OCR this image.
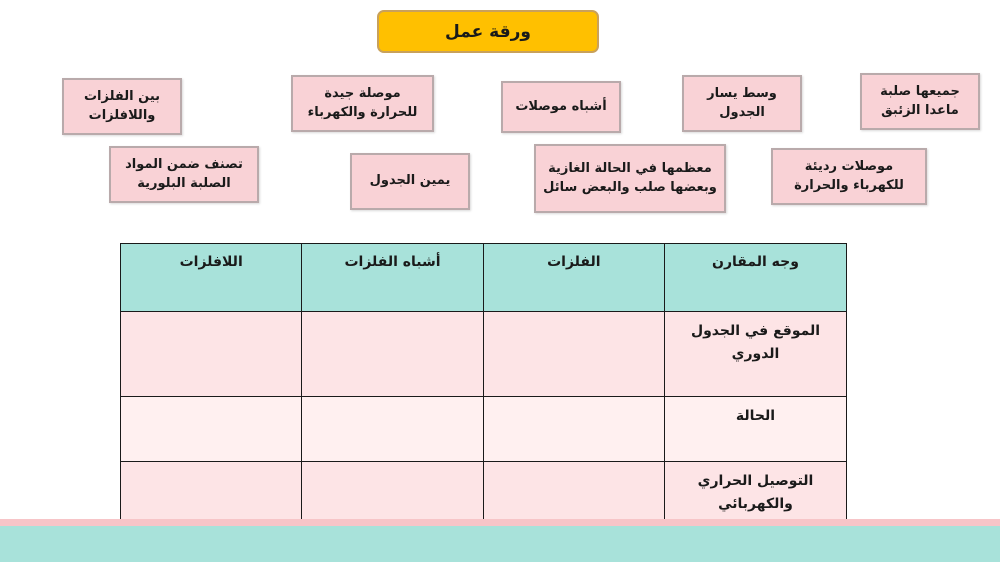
ورقة عمل
بين الفلزات واللافلزات
موصلة جيدة للحرارة والكهرباء	أشباه موصلات
وسط يسار الجدول
جميعها صلبة ماعدا الزئبق
تصنف ضمن المواد الصلبة البلورية	يمين الجدول
معظمها في الحالة الغازية وبعضها صلب والبعض سائل
موصلات رديئة للكهرباء والحرارة
وجه المقارن	الفلزات	أشباه الفلزات	اللافلزات
الموقع في الجدول الدوري			
الحالة			
التوصيل الحراري والكهربائي			
